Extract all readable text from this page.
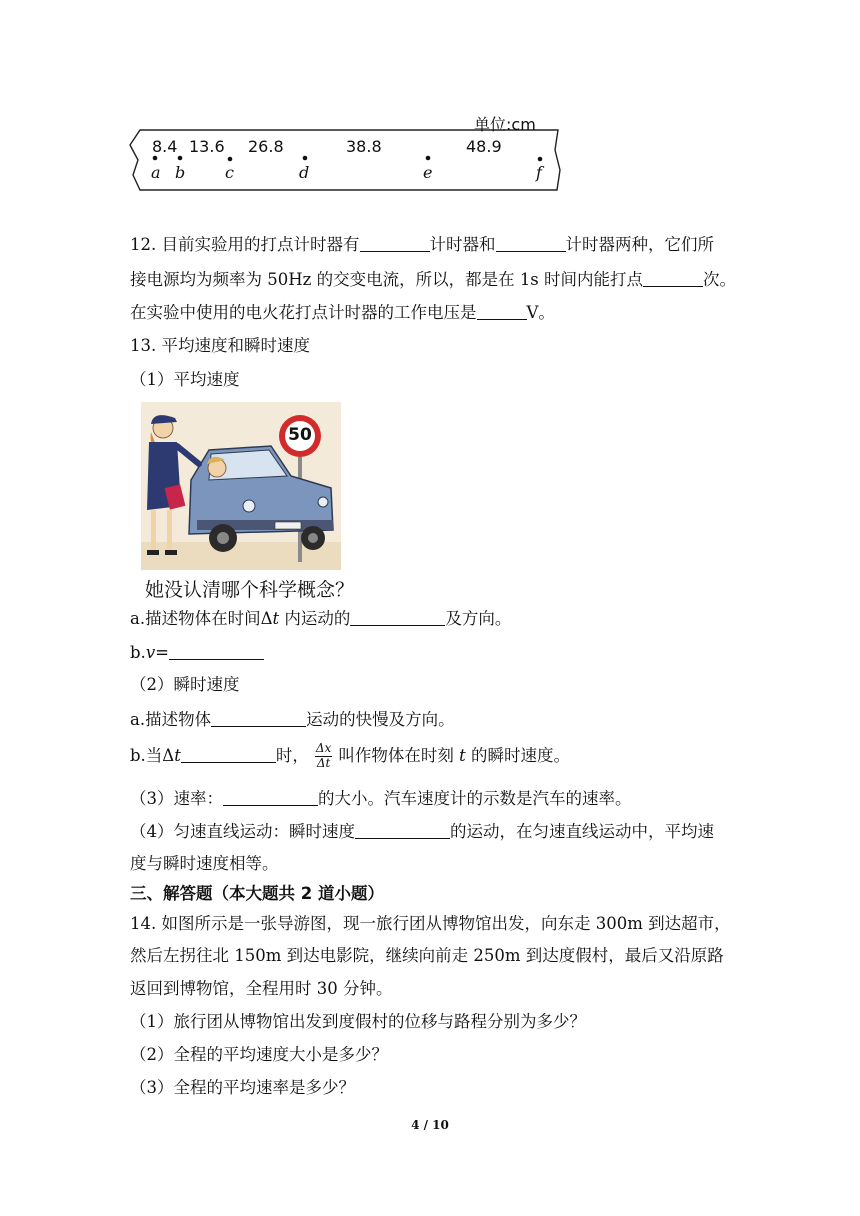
单位:cm
8.4 13.6 26.8	38.8	48.9
a b c	d	e	f
12. 目前实验用的打点计时器有	计时器和	计时器两种，它们所
接电源均为频率为 50Hz 的交变电流，所以，都是在 1s 时间内能打点	次。
在实验中使用的电火花打点计时器的工作电压是	V。
13. 平均速度和瞬时速度
（1）平均速度
50
她没认清哪个科学概念？
a.描述物体在时间Δt 内运动的	及方向。
b.v=
（2）瞬时速度
a.描述物体	运动的快慢及方向。
b.当Δt	时， $\frac{\Delta x}{\Delta t}$ 叫作物体在时刻 t 的瞬时速度。
（3）速率：	的大小。汽车速度计的示数是汽车的速率。
（4）匀速直线运动：瞬时速度	的运动，在匀速直线运动中，平均速
度与瞬时速度相等。
三、解答题（本大题共 2 道小题）
14. 如图所示是一张导游图，现一旅行团从博物馆出发，向东走 300m 到达超市，
然后左拐往北 150m 到达电影院，继续向前走 250m 到达度假村，最后又沿原路
返回到博物馆，全程用时 30 分钟。
（1）旅行团从博物馆出发到度假村的位移与路程分别为多少？
（2）全程的平均速度大小是多少？
（3）全程的平均速率是多少？
4 / 10
